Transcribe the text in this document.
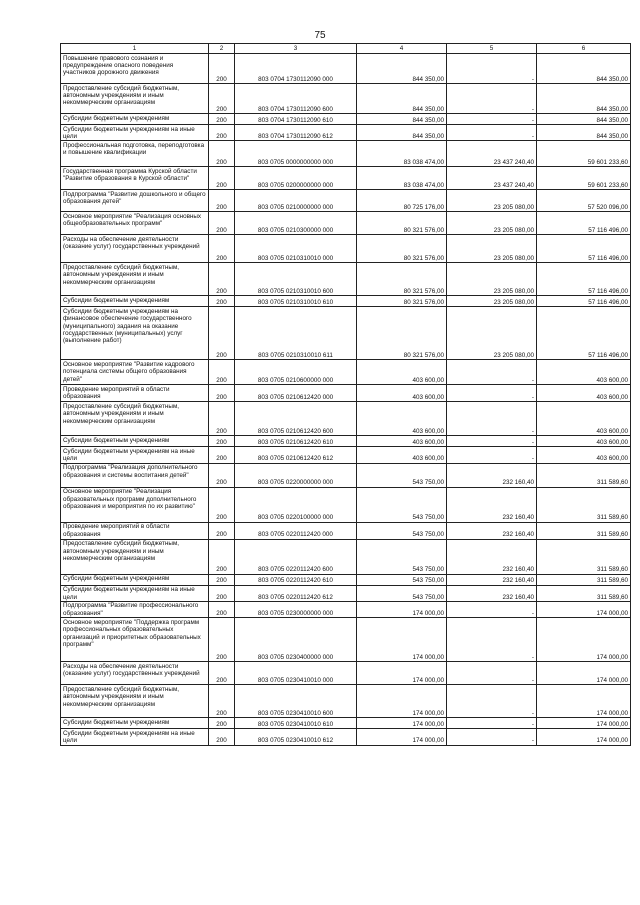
75
1	2	3	4	5	6
Повышение правового сознания и предупреждение опасного поведения участников дорожного движения	200	803 0704 1730112090 000	844 350,00	-	844 350,00
Предоставление субсидий бюджетным, автономным учреждениям и иным некоммерческим организациям	200	803 0704 1730112090 600	844 350,00	-	844 350,00
Субсидии бюджетным учреждениям	200	803 0704 1730112090 610	844 350,00	-	844 350,00
Субсидии бюджетным учреждениям на иные цели	200	803 0704 1730112090 612	844 350,00	-	844 350,00
Профессиональная подготовка, переподготовка и повышение квалификации	200	803 0705 0000000000 000	83 038 474,00	23 437 240,40	59 601 233,60
Государственная программа Курской области "Развитие образования в Курской области"	200	803 0705 0200000000 000	83 038 474,00	23 437 240,40	59 601 233,60
Подпрограмма "Развитие дошкольного и общего образования детей"	200	803 0705 0210000000 000	80 725 176,00	23 205 080,00	57 520 096,00
Основное мероприятие "Реализация основных общеобразовательных программ"	200	803 0705 0210300000 000	80 321 576,00	23 205 080,00	57 116 496,00
Расходы на обеспечение деятельности (оказание услуг) государственных учреждений	200	803 0705 0210310010 000	80 321 576,00	23 205 080,00	57 116 496,00
Предоставление субсидий бюджетным, автономным учреждениям и иным некоммерческим организациям	200	803 0705 0210310010 600	80 321 576,00	23 205 080,00	57 116 496,00
Субсидии бюджетным учреждениям	200	803 0705 0210310010 610	80 321 576,00	23 205 080,00	57 116 496,00
Субсидии бюджетным учреждениям на финансовое обеспечение государственного (муниципального) задания на оказание государственных (муниципальных) услуг (выполнение работ)	200	803 0705 0210310010 611	80 321 576,00	23 205 080,00	57 116 496,00
Основное мероприятие "Развитие кадрового потенциала системы общего образования детей"	200	803 0705 0210600000 000	403 600,00	-	403 600,00
Проведение мероприятий в области образования	200	803 0705 0210612420 000	403 600,00	-	403 600,00
Предоставление субсидий бюджетным, автономным учреждениям и иным некоммерческим организациям	200	803 0705 0210612420 600	403 600,00	-	403 600,00
Субсидии бюджетным учреждениям	200	803 0705 0210612420 610	403 600,00	-	403 600,00
Субсидии бюджетным учреждениям на иные цели	200	803 0705 0210612420 612	403 600,00	-	403 600,00
Подпрограмма "Реализация дополнительного образования и системы воспитания детей"	200	803 0705 0220000000 000	543 750,00	232 160,40	311 589,60
Основное мероприятие "Реализация образовательных программ дополнительного образования и мероприятия по их развитию"	200	803 0705 0220100000 000	543 750,00	232 160,40	311 589,60
Проведение мероприятий в области образования	200	803 0705 0220112420 000	543 750,00	232 160,40	311 589,60
Предоставление субсидий бюджетным, автономным учреждениям и иным некоммерческим организациям	200	803 0705 0220112420 600	543 750,00	232 160,40	311 589,60
Субсидии бюджетным учреждениям	200	803 0705 0220112420 610	543 750,00	232 160,40	311 589,60
Субсидии бюджетным учреждениям на иные цели	200	803 0705 0220112420 612	543 750,00	232 160,40	311 589,60
Подпрограмма "Развитие профессионального образования"	200	803 0705 0230000000 000	174 000,00	-	174 000,00
Основное мероприятие "Поддержка программ профессиональных образовательных организаций и приоритетных образовательных программ"	200	803 0705 0230400000 000	174 000,00	-	174 000,00
Расходы на обеспечение деятельности (оказание услуг) государственных учреждений	200	803 0705 0230410010 000	174 000,00	-	174 000,00
Предоставление субсидий бюджетным, автономным учреждениям и иным некоммерческим организациям	200	803 0705 0230410010 600	174 000,00	-	174 000,00
Субсидии бюджетным учреждениям	200	803 0705 0230410010 610	174 000,00	-	174 000,00
Субсидии бюджетным учреждениям на иные цели	200	803 0705 0230410010 612	174 000,00	-	174 000,00
